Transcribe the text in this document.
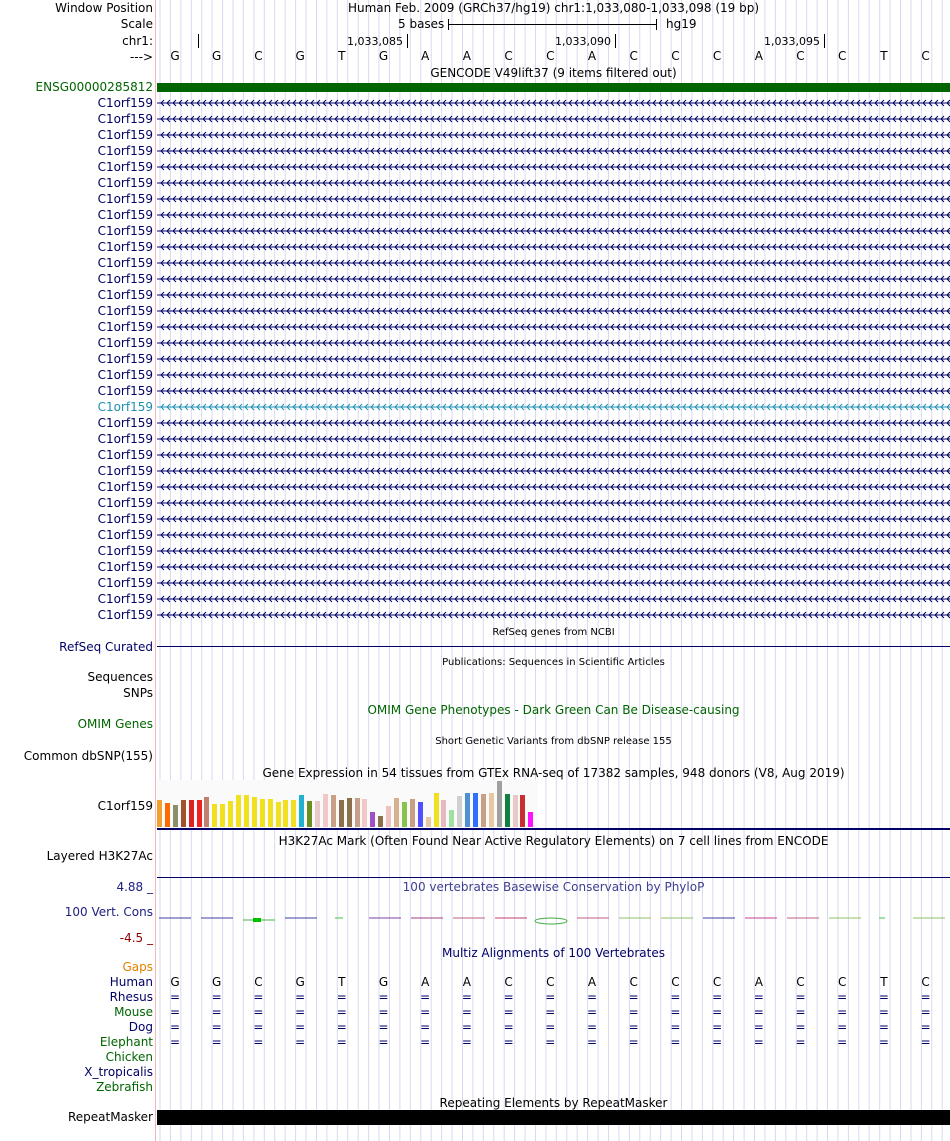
Window Position	Human Feb. 2009 (GRCh37/hg19) chr1:1,033,080-1,033,098 (19 bp)
Scale	5 bases	hg19
chr1:	1,033,085	1,033,090	1,033,095
--->	G	G	C	G	T	G	A	A	C	C	A	C	C	C	A	C	C	T	C
GENCODE V49lift37 (9 items filtered out)
ENSG00000285812
C1orf159
C1orf159
C1orf159
C1orf159
C1orf159
C1orf159
C1orf159
C1orf159
C1orf159
C1orf159
C1orf159
C1orf159
C1orf159
C1orf159
C1orf159
C1orf159
C1orf159
C1orf159
C1orf159
C1orf159
C1orf159
C1orf159
C1orf159
C1orf159
C1orf159
C1orf159
C1orf159
C1orf159
C1orf159
C1orf159
C1orf159
C1orf159
C1orf159
RefSeq genes from NCBI
RefSeq Curated
Publications: Sequences in Scientific Articles
Sequences
SNPs
OMIM Gene Phenotypes - Dark Green Can Be Disease-causing
OMIM Genes
Short Genetic Variants from dbSNP release 155
Common dbSNP(155)
Gene Expression in 54 tissues from GTEx RNA-seq of 17382 samples, 948 donors (V8, Aug 2019)
C1orf159
H3K27Ac Mark (Often Found Near Active Regulatory Elements) on 7 cell lines from ENCODE
Layered H3K27Ac
100 vertebrates Basewise Conservation by PhyloP
4.88 _
100 Vert. Cons
-4.5 _
Multiz Alignments of 100 Vertebrates
Gaps
Human	G	G	C	G	T	G	A	A	C	C	A	C	C	C	A	C	C	T	C
Rhesus	=	=	=	=	=	=	=	=	=	=	=	=	=	=	=	=	=	=	=
Mouse	=	=	=	=	=	=	=	=	=	=	=	=	=	=	=	=	=	=	=
Dog	=	=	=	=	=	=	=	=	=	=	=	=	=	=	=	=	=	=	=
Elephant	=	=	=	=	=	=	=	=	=	=	=	=	=	=	=	=	=	=	=
Chicken
X_tropicalis
Zebrafish
Repeating Elements by RepeatMasker
RepeatMasker
